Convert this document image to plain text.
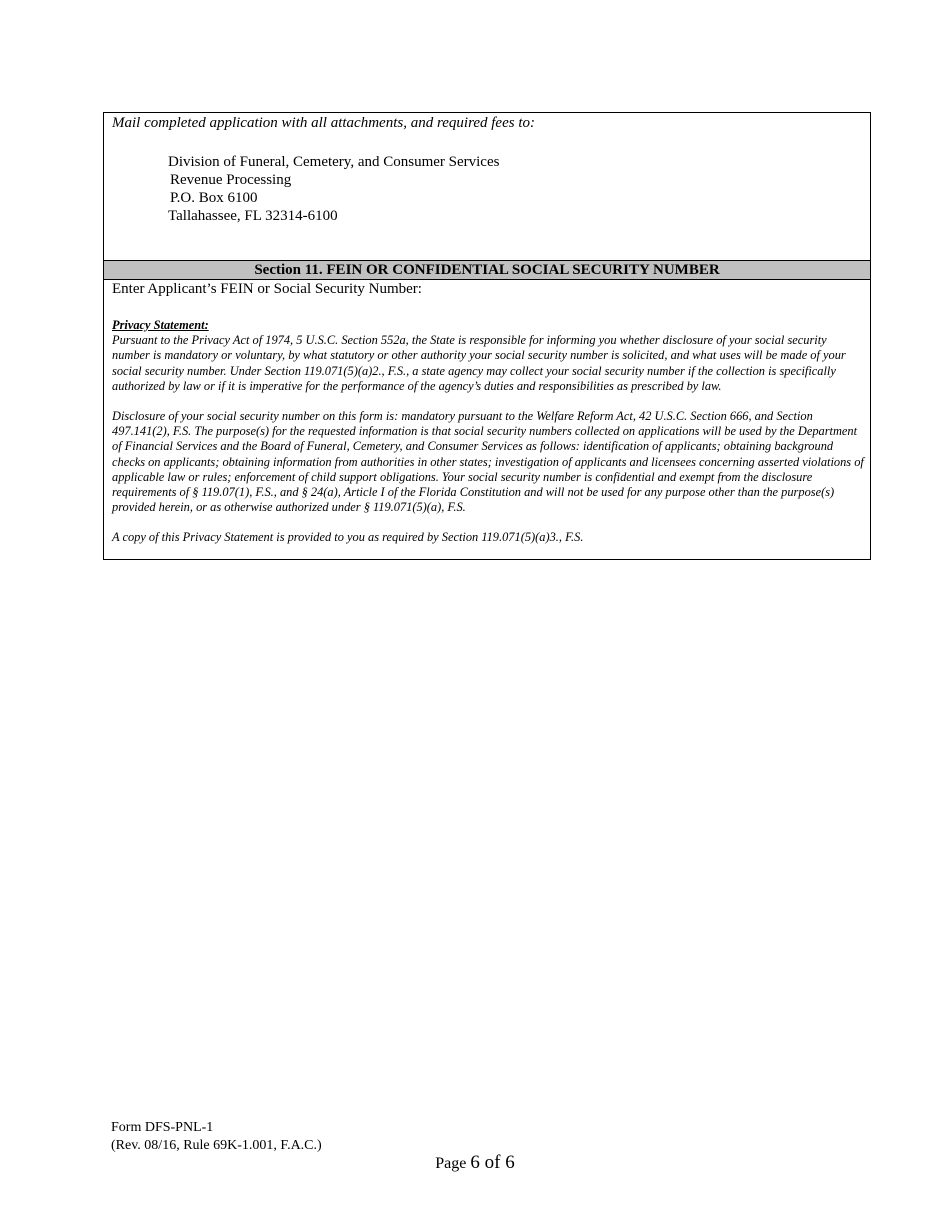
Mail completed application with all attachments, and required fees to:
Division of Funeral, Cemetery, and Consumer Services
Revenue Processing
P.O. Box 6100
Tallahassee, FL 32314-6100
Section 11. FEIN OR CONFIDENTIAL SOCIAL SECURITY NUMBER
Enter Applicant’s FEIN or Social Security Number:

Privacy Statement:

Pursuant to the Privacy Act of 1974, 5 U.S.C. Section 552a, the State is responsible for informing you whether disclosure of your social security number is mandatory or voluntary, by what statutory or other authority your social security number is solicited, and what uses will be made of your social security number. Under Section 119.071(5)(a)2., F.S., a state agency may collect your social security number if the collection is specifically authorized by law or if it is imperative for the performance of the agency’s duties and responsibilities as prescribed by law.

Disclosure of your social security number on this form is: mandatory pursuant to the Welfare Reform Act, 42 U.S.C. Section 666, and Section 497.141(2), F.S. The purpose(s) for the requested information is that social security numbers collected on applications will be used by the Department of Financial Services and the Board of Funeral, Cemetery, and Consumer Services as follows: identification of applicants; obtaining background checks on applicants; obtaining information from authorities in other states; investigation of applicants and licensees concerning asserted violations of applicable law or rules; enforcement of child support obligations. Your social security number is confidential and exempt from the disclosure requirements of § 119.07(1), F.S., and § 24(a), Article I of the Florida Constitution and will not be used for any purpose other than the purpose(s) provided herein, or as otherwise authorized under § 119.071(5)(a), F.S.

A copy of this Privacy Statement is provided to you as required by Section 119.071(5)(a)3., F.S.

Form DFS-PNL-1
(Rev. 08/16, Rule 69K-1.001, F.A.C.)
Page 6 of 6
